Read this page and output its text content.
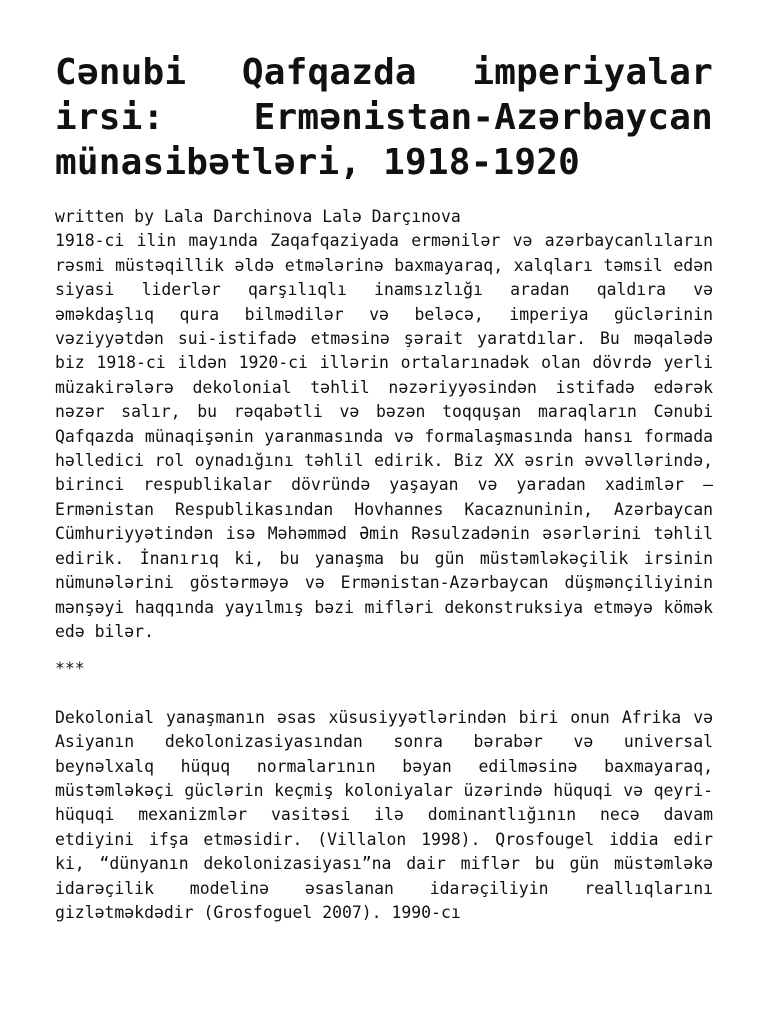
Cənubi Qafqazda imperiyalar irsi: Ermənistan-Azərbaycan münasibətləri, 1918-1920

written by Lala Darchinova Lalə Darçınova

1918-ci ilin mayında Zaqafqaziyada ermənilər və azərbaycanlıların rəsmi müstəqillik əldə etmələrinə baxmayaraq, xalqları təmsil edən siyasi liderlər qarşılıqlı inamsızlığı aradan qaldıra və əməkdaşlıq qura bilmədilər və beləcə, imperiya güclərinin vəziyyətdən sui-istifadə etməsinə şərait yaratdılar. Bu məqalədə biz 1918-ci ildən 1920-ci illərin ortalarınadək olan dövrdə yerli müzakirələrə dekolonial təhlil nəzəriyyəsindən istifadə edərək nəzər salır, bu rəqabətli və bəzən toqquşan maraqların Cənubi Qafqazda münaqişənin yaranmasında və formalaşmasında hansı formada həlledici rol oynadığını təhlil edirik. Biz XX əsrin əvvəllərində, birinci respublikalar dövründə yaşayan və yaradan xadimlər – Ermənistan Respublikasından Hovhannes Kacaznuninin, Azərbaycan Cümhuriyyətindən isə Məhəmməd Əmin Rəsulzadənin əsərlərini təhlil edirik. İnanırıq ki, bu yanaşma bu gün müstəmləkəçilik irsinin nümunələrini göstərməyə və Ermənistan-Azərbaycan düşmənçiliyinin mənşəyi haqqında yayılmış bəzi mifləri dekonstruksiya etməyə kömək edə bilər.

***

Dekolonial yanaşmanın əsas xüsusiyyətlərindən biri onun Afrika və Asiyanın dekolonizasiyasından sonra bərabər və universal beynəlxalq hüquq normalarının bəyan edilməsinə baxmayaraq, müstəmləkəçi güclərin keçmiş koloniyalar üzərində hüquqi və qeyri-hüquqi mexanizmlər vasitəsi ilə dominantlığının necə davam etdiyini ifşa etməsidir. (Villalon 1998). Qrosfougel iddia edir ki, “dünyanın dekolonizasiyası”na dair miflər bu gün müstəmləkə idarəçilik modelinə əsaslanan idarəçiliyin reallıqlarını gizlətməkdədir (Grosfoguel 2007). 1990-cı
